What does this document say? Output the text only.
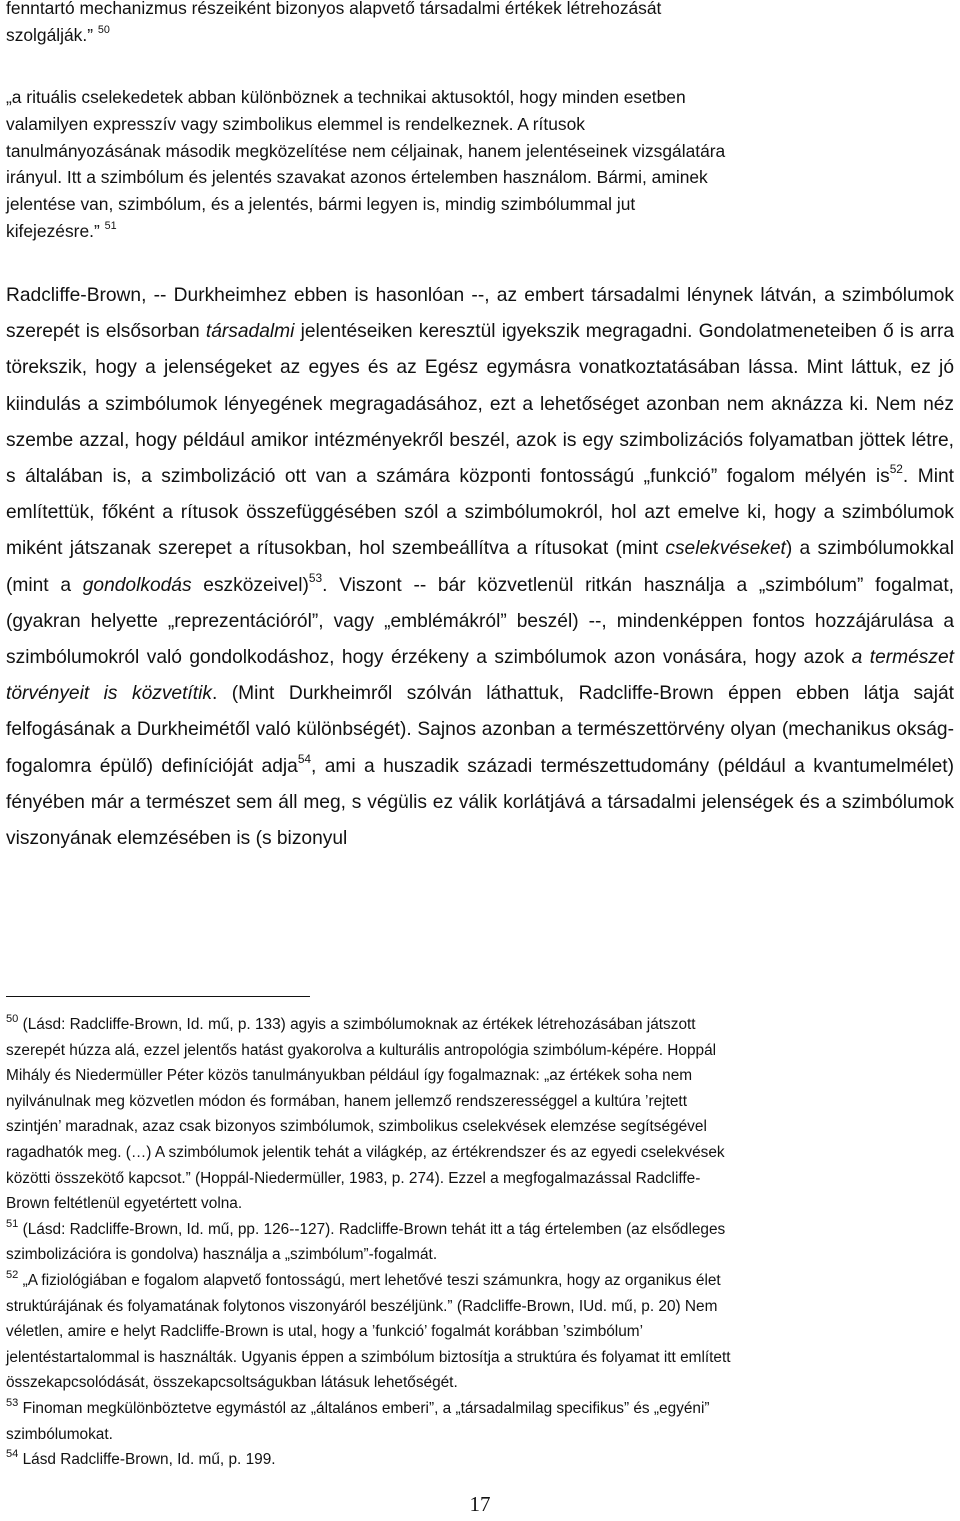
fenntartó mechanizmus részeiként bizonyos alapvető társadalmi értékek létrehozását
szolgálják.” $^{50}$

„a rituális cselekedetek abban különböznek a technikai aktusoktól, hogy minden esetben
valamilyen expresszív vagy szimbolikus elemmel is rendelkeznek. A rítusok
tanulmányozásának második megközelítése nem céljainak, hanem jelentéseinek vizsgálatára
irányul. Itt a szimbólum és jelentés szavakat azonos értelemben használom. Bármi, aminek
jelentése van, szimbólum, és a jelentés, bármi legyen is, mindig szimbólummal jut
kifejezésre.” $^{51}$

Radcliffe-Brown, -- Durkheimhez ebben is hasonlóan --, az embert társadalmi lénynek látván, a szimbólumok szerepét is elsősorban társadalmi jelentéseiken keresztül igyekszik megragadni. Gondolatmeneteiben ő is arra törekszik, hogy a jelenségeket az egyes és az Egész egymásra vonatkoztatásában lássa. Mint láttuk, ez jó kiindulás a szimbólumok lényegének megragadásához, ezt a lehetőséget azonban nem aknázza ki. Nem néz szembe azzal, hogy például amikor intézményekről beszél, azok is egy szimbolizációs folyamatban jöttek létre, s általában is, a szimbolizáció ott van a számára központi fontosságú „funkció” fogalom mélyén $is^{52}$. Mint említettük, főként a rítusok összefüggésében szól a szimbólumokról, hol azt emelve ki, hogy a szimbólumok miként játszanak szerepet a rítusokban, hol szembeállítva a rítusokat (mint cselekvéseket) a szimbólumokkal (mint a gondolkodás eszközeivel)$^{53}$. Viszont -- bár közvetlenül ritkán használja a „szimbólum” fogalmat, (gyakran helyette „reprezentációról”, vagy „emblémákról” beszél) --, mindenképpen fontos hozzájárulása a szimbólumokról való gondolkodáshoz, hogy érzékeny a szimbólumok azon vonására, hogy azok a természet törvényeit is közvetítik. (Mint Durkheimről szólván láthattuk, Radcliffe-Brown éppen ebben látja saját felfogásának a Durkheimétől való különbségét). Sajnos azonban a természettörvény olyan (mechanikus okság-fogalomra épülő) definícióját adja$^{54}$, ami a huszadik századi természettudomány (például a kvantumelmélet) fényében már a természet sem áll meg, s végülis ez válik korlátjává a társadalmi jelenségek és a szimbólumok viszonyának elemzésében is (s bizonyul

$^{50}$ (Lásd: Radcliffe-Brown, Id. mű, p. 133) agyis a szimbólumoknak az értékek létrehozásában játszott
szerepét húzza alá, ezzel jelentős hatást gyakorolva a kulturális antropológia szimbólum-képére. Hoppál
Mihály és Niedermüller Péter közös tanulmányukban például így fogalmaznak: „az értékek soha nem
nyilvánulnak meg közvetlen módon és formában, hanem jellemző rendszerességgel a kultúra ’rejtett
szintjén’ maradnak, azaz csak bizonyos szimbólumok, szimbolikus cselekvések elemzése segítségével
ragadhatók meg. (…) A szimbólumok jelentik tehát a világkép, az értékrendszer és az egyedi cselekvések
közötti összekötő kapcsot.” (Hoppál-Niedermüller, 1983, p. 274). Ezzel a megfogalmazással Radcliffe-
Brown feltétlenül egyetértett volna.

$^{51}$ (Lásd: Radcliffe-Brown, Id. mű, pp. 126--127). Radcliffe-Brown tehát itt a tág értelemben (az elsődleges
szimbolizációra is gondolva) használja a „szimbólum”-fogalmát.

$^{52}$ „A fiziológiában e fogalom alapvető fontosságú, mert lehetővé teszi számunkra, hogy az organikus élet
struktúrájának és folyamatának folytonos viszonyáról beszéljünk.” (Radcliffe-Brown, IUd. mű, p. 20) Nem
véletlen, amire e helyt Radcliffe-Brown is utal, hogy a ’funkció’ fogalmát korábban ’szimbólum’
jelentéstartalommal is használták. Ugyanis éppen a szimbólum biztosítja a struktúra és folyamat itt említett
összekapcsolódását, összekapcsoltságukban látásuk lehetőségét.

$^{53}$ Finoman megkülönböztetve egymástól az „általános emberi”, a „társadalmilag specifikus” és „egyéni”
szimbólumokat.

$^{54}$ Lásd Radcliffe-Brown, Id. mű, p. 199.

17
